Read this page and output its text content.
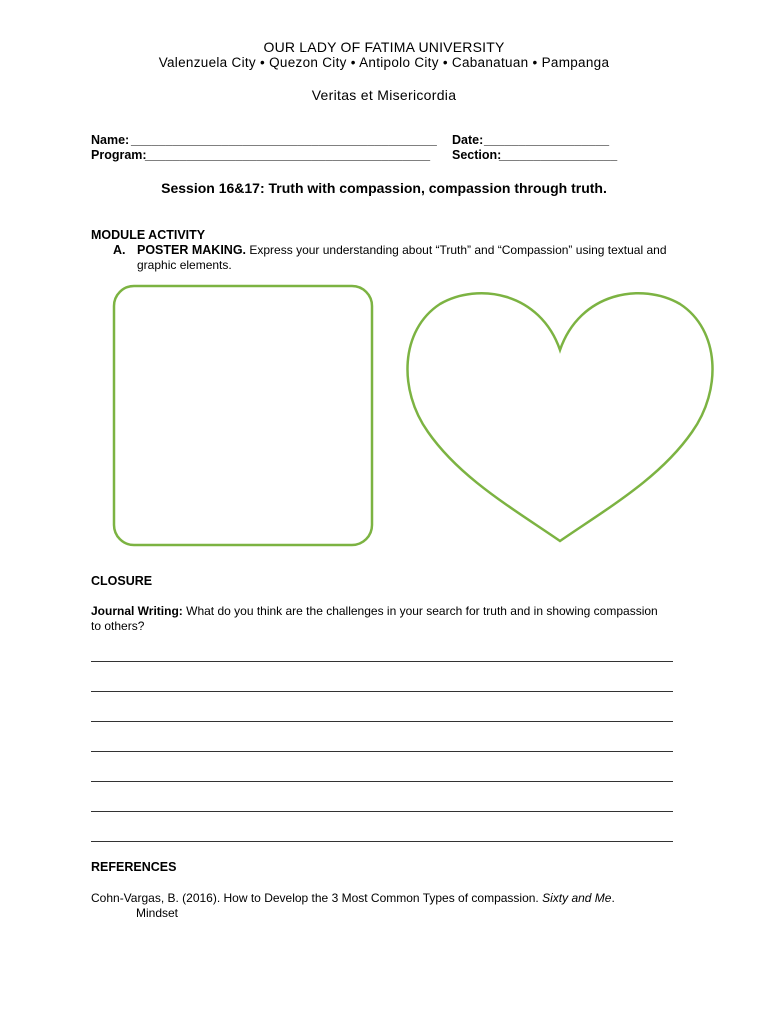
OUR LADY OF FATIMA UNIVERSITY
Valenzuela City • Quezon City • Antipolo City • Cabanatuan • Pampanga
Veritas et Misericordia
Name: ____________________________________________
Program:
_________________________________________
Date: __________________
Section:
_________________
Session 16&17: Truth with compassion, compassion through truth.
MODULE ACTIVITY
A. POSTER MAKING. Express your understanding about “Truth” and “Compassion” using textual and
graphic elements.
CLOSURE
Journal Writing: What do you think are the challenges in your search for truth and in showing compassion
to others?
REFERENCES
Cohn-Vargas, B. (2016). How to Develop the 3 Most Common Types of compassion. Sixty and Me.
Mindset
